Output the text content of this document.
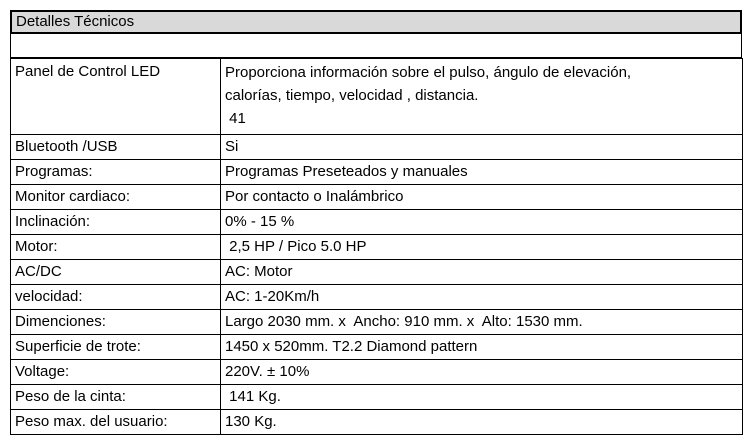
Detalles Técnicos
Panel de Control LED	Proporciona información sobre el pulso, ángulo de elevación,
calorías, tiempo, velocidad , distancia.
41

Bluetooth /USB	Si
Programas:	Programas Preseteados y manuales
Monitor cardiaco:	Por contacto o Inalámbrico
Inclinación:	0% - 15 %
Motor:	2,5 HP / Pico 5.0 HP
AC/DC	AC: Motor
velocidad:	AC: 1-20Km/h
Dimenciones:	Largo 2030 mm. x  Ancho: 910 mm. x  Alto: 1530 mm.
Superficie de trote:	1450 x 520mm. T2.2 Diamond pattern
Voltage:	220V. ± 10%
Peso de la cinta:	141 Kg.
Peso max. del usuario:	130 Kg.
